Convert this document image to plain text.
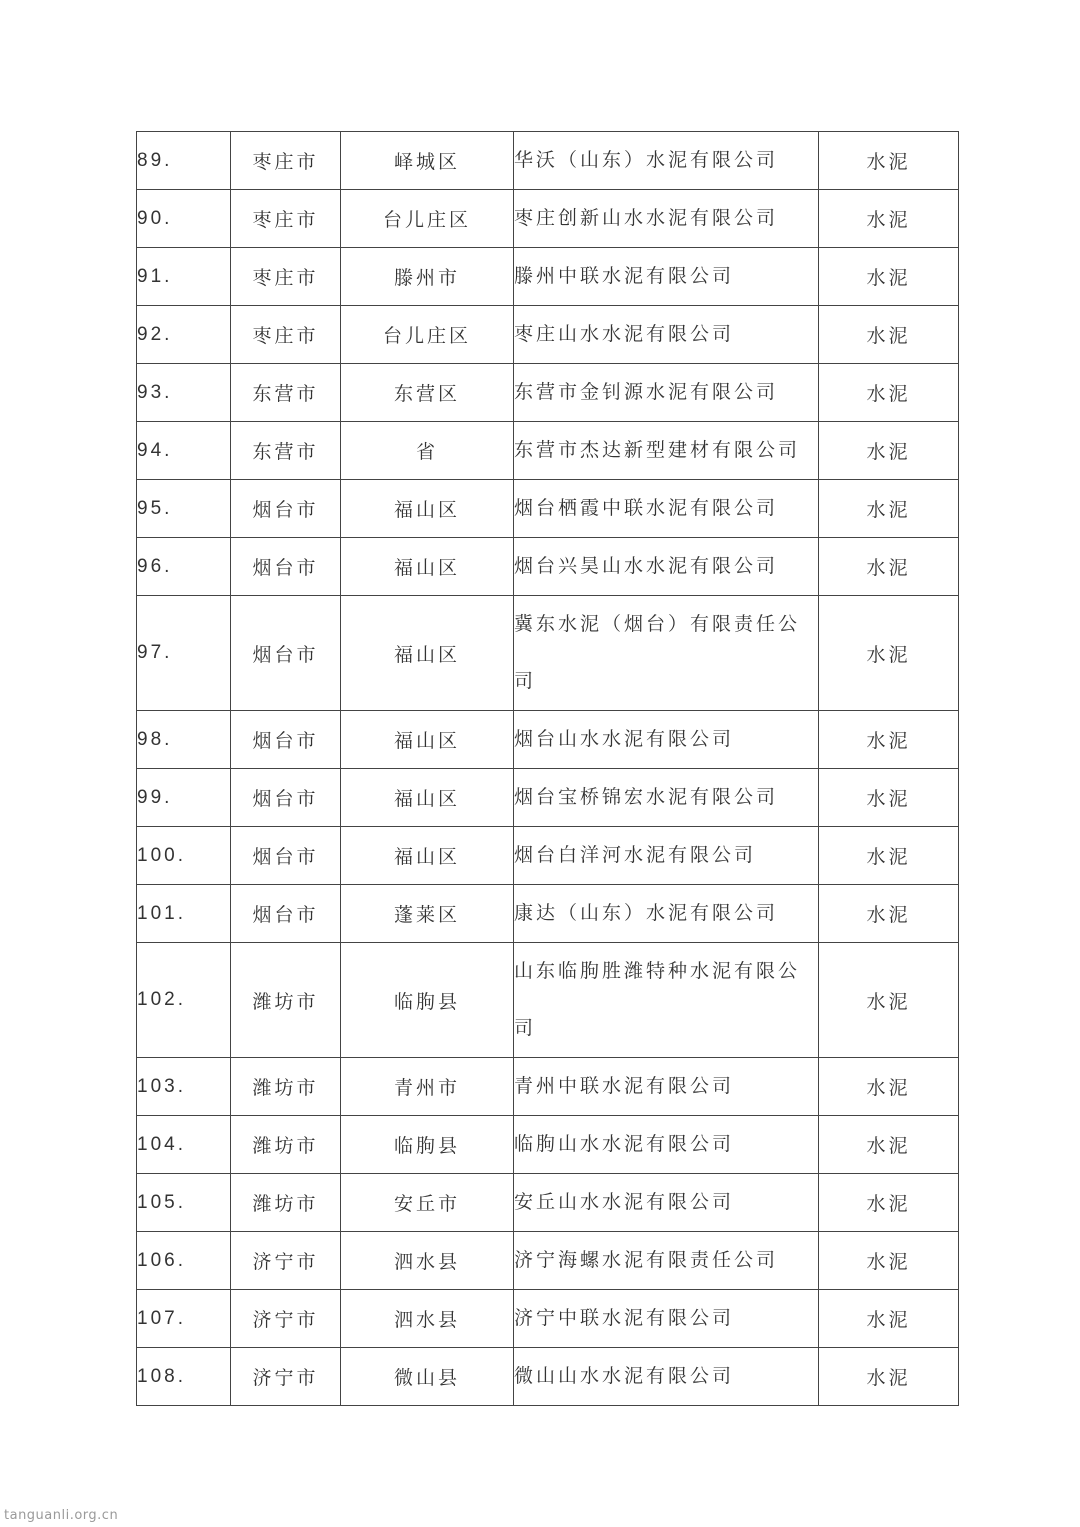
89.	枣庄市	峄城区	华沃（山东）水泥有限公司	水泥
90.	枣庄市	台儿庄区	枣庄创新山水水泥有限公司	水泥
91.	枣庄市	滕州市	滕州中联水泥有限公司	水泥
92.	枣庄市	台儿庄区	枣庄山水水泥有限公司	水泥
93.	东营市	东营区	东营市金钊源水泥有限公司	水泥
94.	东营市	省	东营市杰达新型建材有限公司	水泥
95.	烟台市	福山区	烟台栖霞中联水泥有限公司	水泥
96.	烟台市	福山区	烟台兴昊山水水泥有限公司	水泥
97.	烟台市	福山区	冀东水泥（烟台）有限责任公司	水泥
98.	烟台市	福山区	烟台山水水泥有限公司	水泥
99.	烟台市	福山区	烟台宝桥锦宏水泥有限公司	水泥
100.	烟台市	福山区	烟台白洋河水泥有限公司	水泥
101.	烟台市	蓬莱区	康达（山东）水泥有限公司	水泥
102.	潍坊市	临朐县	山东临朐胜潍特种水泥有限公司	水泥
103.	潍坊市	青州市	青州中联水泥有限公司	水泥
104.	潍坊市	临朐县	临朐山水水泥有限公司	水泥
105.	潍坊市	安丘市	安丘山水水泥有限公司	水泥
106.	济宁市	泗水县	济宁海螺水泥有限责任公司	水泥
107.	济宁市	泗水县	济宁中联水泥有限公司	水泥
108.	济宁市	微山县	微山山水水泥有限公司	水泥
tanguanli.org.cn
